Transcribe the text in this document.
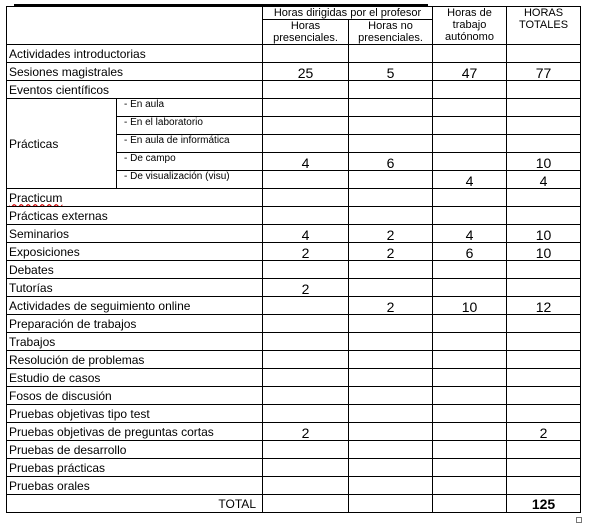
		Horas dirigidas por el profesor		Horas de trabajo autónomo	HORAS TOTALES
		Horas presenciales.	Horas no presenciales.		
Actividades introductorias					
Sesiones magistrales		25	5	47	77
Eventos científicos					
Prácticas	- En aula				
	- En el laboratorio				
	- En aula de informática				
	- De campo	4	6		10
	- De visualización (visu)			4	4
Practicum					
Prácticas externas					
Seminarios		4	2	4	10
Exposiciones		2	2	6	10
Debates					
Tutorías		2			
Actividades de seguimiento online			2	10	12
Preparación de trabajos					
Trabajos					
Resolución de problemas					
Estudio de casos					
Fosos de discusión					
Pruebas objetivas tipo test					
Pruebas objetivas de preguntas cortas		2			2
Pruebas de desarrollo					
Pruebas prácticas					
Pruebas orales					
TOTAL					125
